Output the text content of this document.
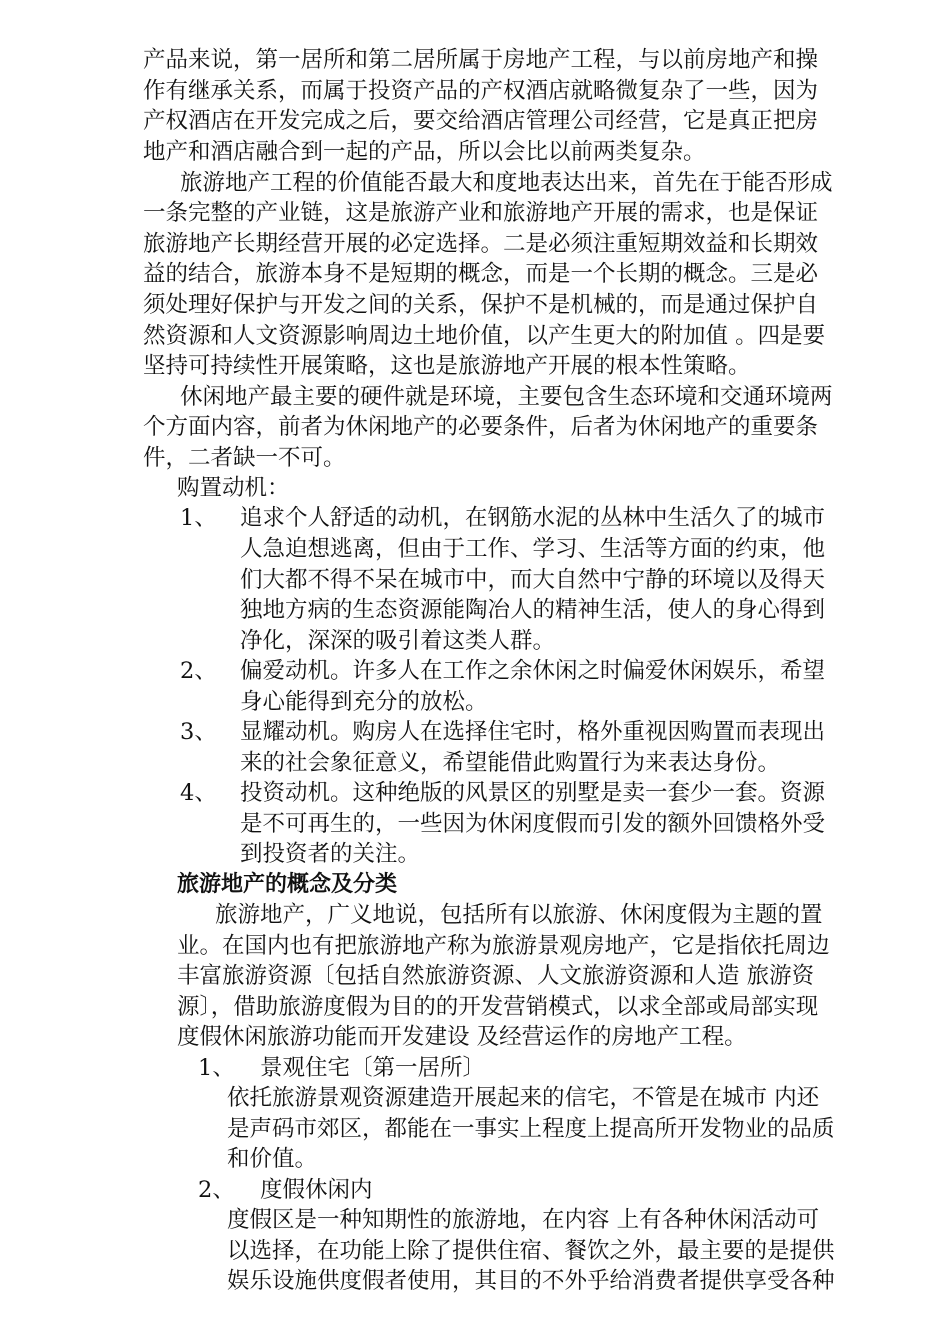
产品来说，第一居所和第二居所属于房地产工程，与以前房地产和操
作有继承关系，而属于投资产品的产权酒店就略微复杂了一些，因为
产权酒店在开发完成之后，要交给酒店管理公司经营，它是真正把房
地产和酒店融合到一起的产品，所以会比以前两类复杂。
旅游地产工程的价值能否最大和度地表达出来，首先在于能否形成
一条完整的产业链，这是旅游产业和旅游地产开展的需求，也是保证
旅游地产长期经营开展的必定选择。二是必须注重短期效益和长期效
益的结合，旅游本身不是短期的概念，而是一个长期的概念。三是必
须处理好保护与开发之间的关系，保护不是机械的，而是通过保护自
然资源和人文资源影响周边土地价值，以产生更大的附加值 。四是要
坚持可持续性开展策略，这也是旅游地产开展的根本性策略。
休闲地产最主要的硬件就是环境，主要包含生态环境和交通环境两
个方面内容，前者为休闲地产的必要条件，后者为休闲地产的重要条
件，二者缺一不可。
购置动机：
1、 追求个人舒适的动机，在钢筋水泥的丛林中生活久了的城市
人急迫想逃离，但由于工作、学习、生活等方面的约束，他
们大都不得不呆在城市中，而大自然中宁静的环境以及得天
独地方病的生态资源能陶冶人的精神生活，使人的身心得到
净化，深深的吸引着这类人群。
2、 偏爱动机。许多人在工作之余休闲之时偏爱休闲娱乐，希望
身心能得到充分的放松。
3、 显耀动机。购房人在选择住宅时，格外重视因购置而表现出
来的社会象征意义，希望能借此购置行为来表达身份。
4、 投资动机。这种绝版的风景区的别墅是卖一套少一套。资源
是不可再生的，一些因为休闲度假而引发的额外回馈格外受
到投资者的关注。
旅游地产的概念及分类
旅游地产，广义地说，包括所有以旅游、休闲度假为主题的置
业。在国内也有把旅游地产称为旅游景观房地产，它是指依托周边
丰富旅游资源〔包括自然旅游资源、人文旅游资源和人造 旅游资
源〕，借助旅游度假为目的的开发营销模式，以求全部或局部实现
度假休闲旅游功能而开发建设 及经营运作的房地产工程。
1、 景观住宅〔第一居所〕
依托旅游景观资源建造开展起来的信宅，不管是在城市 内还
是声码市郊区，都能在一事实上程度上提高所开发物业的品质
和价值。
2、 度假休闲内
度假区是一种知期性的旅游地，在内容 上有各种休闲活动可
以选择，在功能上除了提供住宿、餐饮之外，最主要的是提供
娱乐设施供度假者使用，其目的不外乎给消费者提供享受各种
